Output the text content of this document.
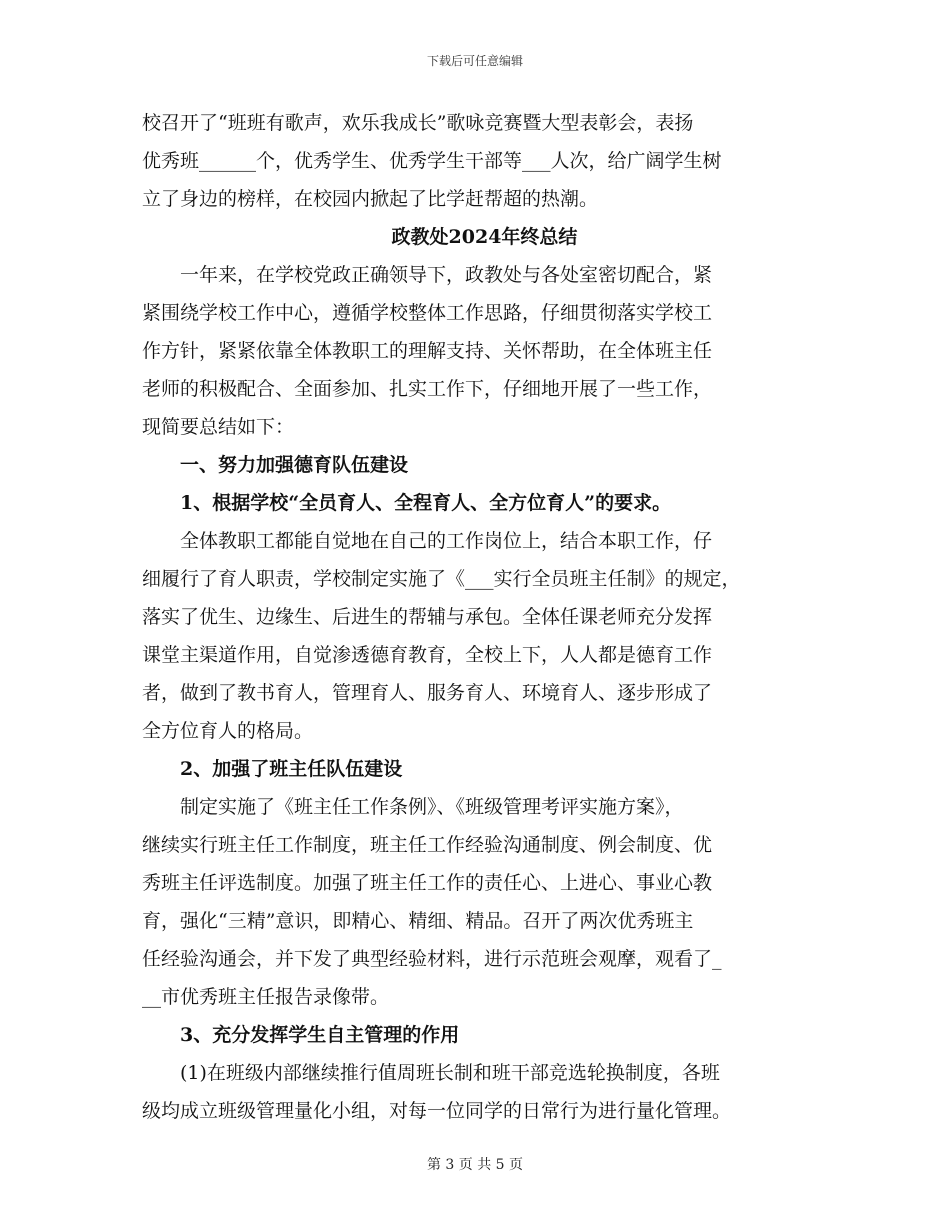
下载后可任意编辑
校召开了“班班有歌声，欢乐我成长”歌咏竞赛暨大型表彰会，表扬
优秀班______个，优秀学生、优秀学生干部等___人次，给广阔学生树
立了身边的榜样，在校园内掀起了比学赶帮超的热潮。
政教处2024年终总结
　　一年来，在学校党政正确领导下，政教处与各处室密切配合，紧
紧围绕学校工作中心，遵循学校整体工作思路，仔细贯彻落实学校工
作方针，紧紧依靠全体教职工的理解支持、关怀帮助，在全体班主任
老师的积极配合、全面参加、扎实工作下，仔细地开展了一些工作，
现简要总结如下：
　　一、努力加强德育队伍建设
　　1、根据学校“全员育人、全程育人、全方位育人”的要求。
　　全体教职工都能自觉地在自己的工作岗位上，结合本职工作，仔
细履行了育人职责，学校制定实施了《___实行全员班主任制》的规定，
落实了优生、边缘生、后进生的帮辅与承包。全体任课老师充分发挥
课堂主渠道作用，自觉渗透德育教育，全校上下，人人都是德育工作
者，做到了教书育人，管理育人、服务育人、环境育人、逐步形成了
全方位育人的格局。
　　2、加强了班主任队伍建设
　　制定实施了《班主任工作条例》、《班级管理考评实施方案》，
继续实行班主任工作制度，班主任工作经验沟通制度、例会制度、优
秀班主任评选制度。加强了班主任工作的责任心、上进心、事业心教
育，强化“三精”意识，即精心、精细、精品。召开了两次优秀班主
任经验沟通会，并下发了典型经验材料，进行示范班会观摩，观看了_
__市优秀班主任报告录像带。
　　3、充分发挥学生自主管理的作用
　　(1)在班级内部继续推行值周班长制和班干部竞选轮换制度，各班
级均成立班级管理量化小组，对每一位同学的日常行为进行量化管理。
第 3 页 共 5 页
